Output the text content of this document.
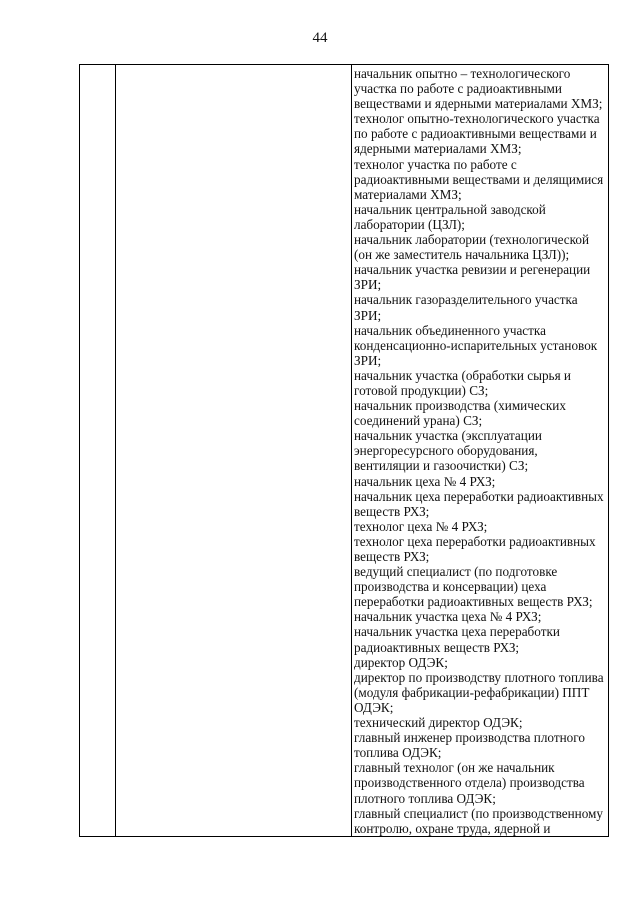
44

начальник опытно – технологического участка по работе с радиоактивными веществами и ядерными материалами ХМЗ;
технолог опытно-технологического участка по работе с радиоактивными веществами и ядерными материалами ХМЗ;
технолог участка по работе с радиоактивными веществами и делящимися материалами ХМЗ;
начальник центральной заводской лаборатории (ЦЗЛ);
начальник лаборатории (технологической (он же заместитель начальника ЦЗЛ));
начальник участка ревизии и регенерации ЗРИ;
начальник газоразделительного участка ЗРИ;
начальник объединенного участка конденсационно-испарительных установок ЗРИ;
начальник участка (обработки сырья и готовой продукции) СЗ;
начальник производства (химических соединений урана) СЗ;
начальник участка (эксплуатации энергоресурсного оборудования, вентиляции и газоочистки) СЗ;
начальник цеха № 4 РХЗ;
начальник цеха переработки радиоактивных веществ РХЗ;
технолог цеха № 4 РХЗ;
технолог цеха переработки радиоактивных веществ РХЗ;
ведущий специалист (по подготовке производства и консервации) цеха переработки радиоактивных веществ РХЗ;
начальник участка цеха № 4 РХЗ;
начальник участка цеха переработки радиоактивных веществ РХЗ;
директор ОДЭК;
директор по производству плотного топлива (модуля фабрикации-рефабрикации) ППТ ОДЭК;
технический директор ОДЭК;
главный инженер производства плотного топлива ОДЭК;
главный технолог (он же начальник производственного отдела) производства плотного топлива ОДЭК;
главный специалист (по производственному контролю, охране труда, ядерной и
